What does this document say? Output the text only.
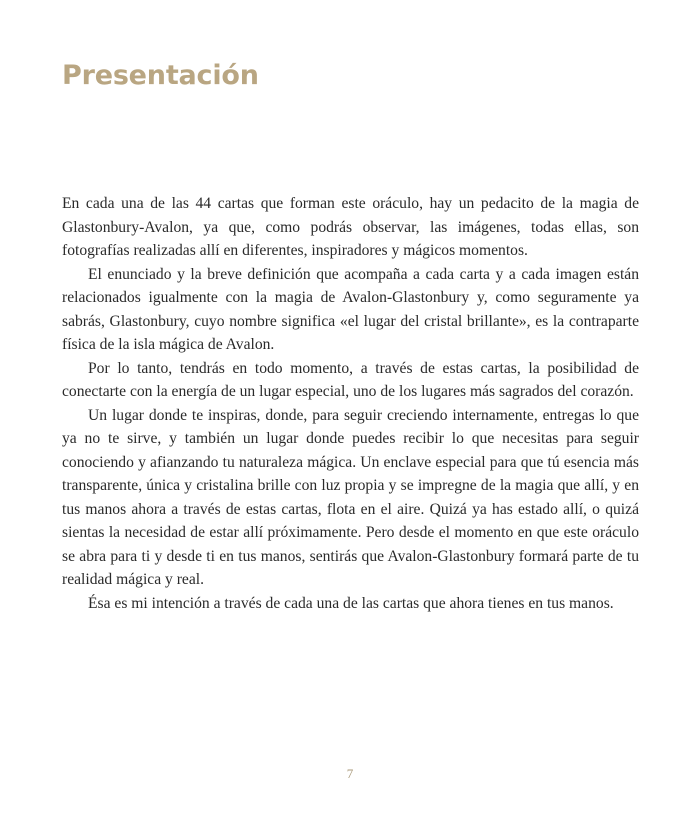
Presentación

En cada una de las 44 cartas que forman este oráculo, hay un pedacito de la magia de Glastonbury-Avalon, ya que, como podrás observar, las imágenes, todas ellas, son fotografías realizadas allí en diferentes, inspiradores y mágicos momentos.

El enunciado y la breve definición que acompaña a cada carta y a cada imagen están relacionados igualmente con la magia de Avalon-Glastonbury y, como seguramente ya sabrás, Glastonbury, cuyo nombre significa «el lugar del cristal brillante», es la contraparte física de la isla mágica de Avalon.

Por lo tanto, tendrás en todo momento, a través de estas cartas, la posibilidad de conectarte con la energía de un lugar especial, uno de los lugares más sagrados del corazón.

Un lugar donde te inspiras, donde, para seguir creciendo internamente, entregas lo que ya no te sirve, y también un lugar donde puedes recibir lo que necesitas para seguir conociendo y afianzando tu naturaleza mágica. Un enclave especial para que tú esencia más transparente, única y cristalina brille con luz propia y se impregne de la magia que allí, y en tus manos ahora a través de estas cartas, flota en el aire. Quizá ya has estado allí, o quizá sientas la necesidad de estar allí próximamente. Pero desde el momento en que este oráculo se abra para ti y desde ti en tus manos, sentirás que Avalon-Glastonbury formará parte de tu realidad mágica y real.

Ésa es mi intención a través de cada una de las cartas que ahora tienes en tus manos.

7
